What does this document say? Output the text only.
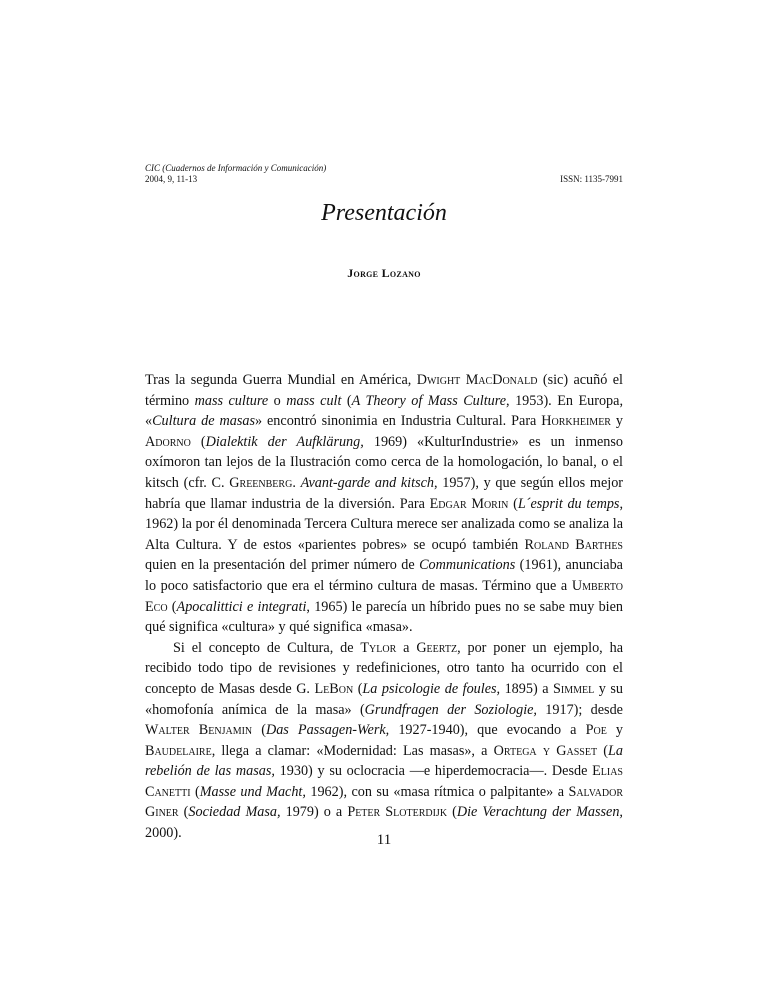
CIC (Cuadernos de Información y Comunicación)
2004, 9, 11-13	ISSN: 1135-7991
Presentación
Jorge Lozano

Tras la segunda Guerra Mundial en América, Dwight MacDonald (sic) acuñó el término mass culture o mass cult (A Theory of Mass Culture, 1953). En Europa, «Cultura de masas» encontró sinonimia en Industria Cultural. Para Horkheimer y Adorno (Dialektik der Aufklärung, 1969) «KulturIndustrie» es un inmenso oxímoron tan lejos de la Ilustración como cerca de la homologación, lo banal, o el kitsch (cfr. C. Greenberg. Avant-garde and kitsch, 1957), y que según ellos mejor habría que llamar industria de la diversión. Para Edgar Morin (L´esprit du temps, 1962) la por él denominada Tercera Cultura merece ser analizada como se analiza la Alta Cultura. Y de estos «parientes pobres» se ocupó también Roland Barthes quien en la presentación del primer número de Communications (1961), anunciaba lo poco satisfactorio que era el término cultura de masas. Término que a Umberto Eco (Apocalittici e integrati, 1965) le parecía un híbrido pues no se sabe muy bien qué significa «cultura» y qué significa «masa».

Si el concepto de Cultura, de Tylor a Geertz, por poner un ejemplo, ha recibido todo tipo de revisiones y redefiniciones, otro tanto ha ocurrido con el concepto de Masas desde G. LeBon (La psicologie de foules, 1895) a Simmel y su «homofonía anímica de la masa» (Grundfragen der Soziologie, 1917); desde Walter Benjamin (Das Passagen-Werk, 1927-1940), que evocando a Poe y Baudelaire, llega a clamar: «Modernidad: Las masas», a Ortega y Gasset (La rebelión de las masas, 1930) y su oclocracia —e hiperdemocracia—. Desde Elias Canetti (Masse und Macht, 1962), con su «masa rítmica o palpitante» a Salvador Giner (Sociedad Masa, 1979) o a Peter Sloterdijk (Die Verachtung der Massen, 2000).	11
